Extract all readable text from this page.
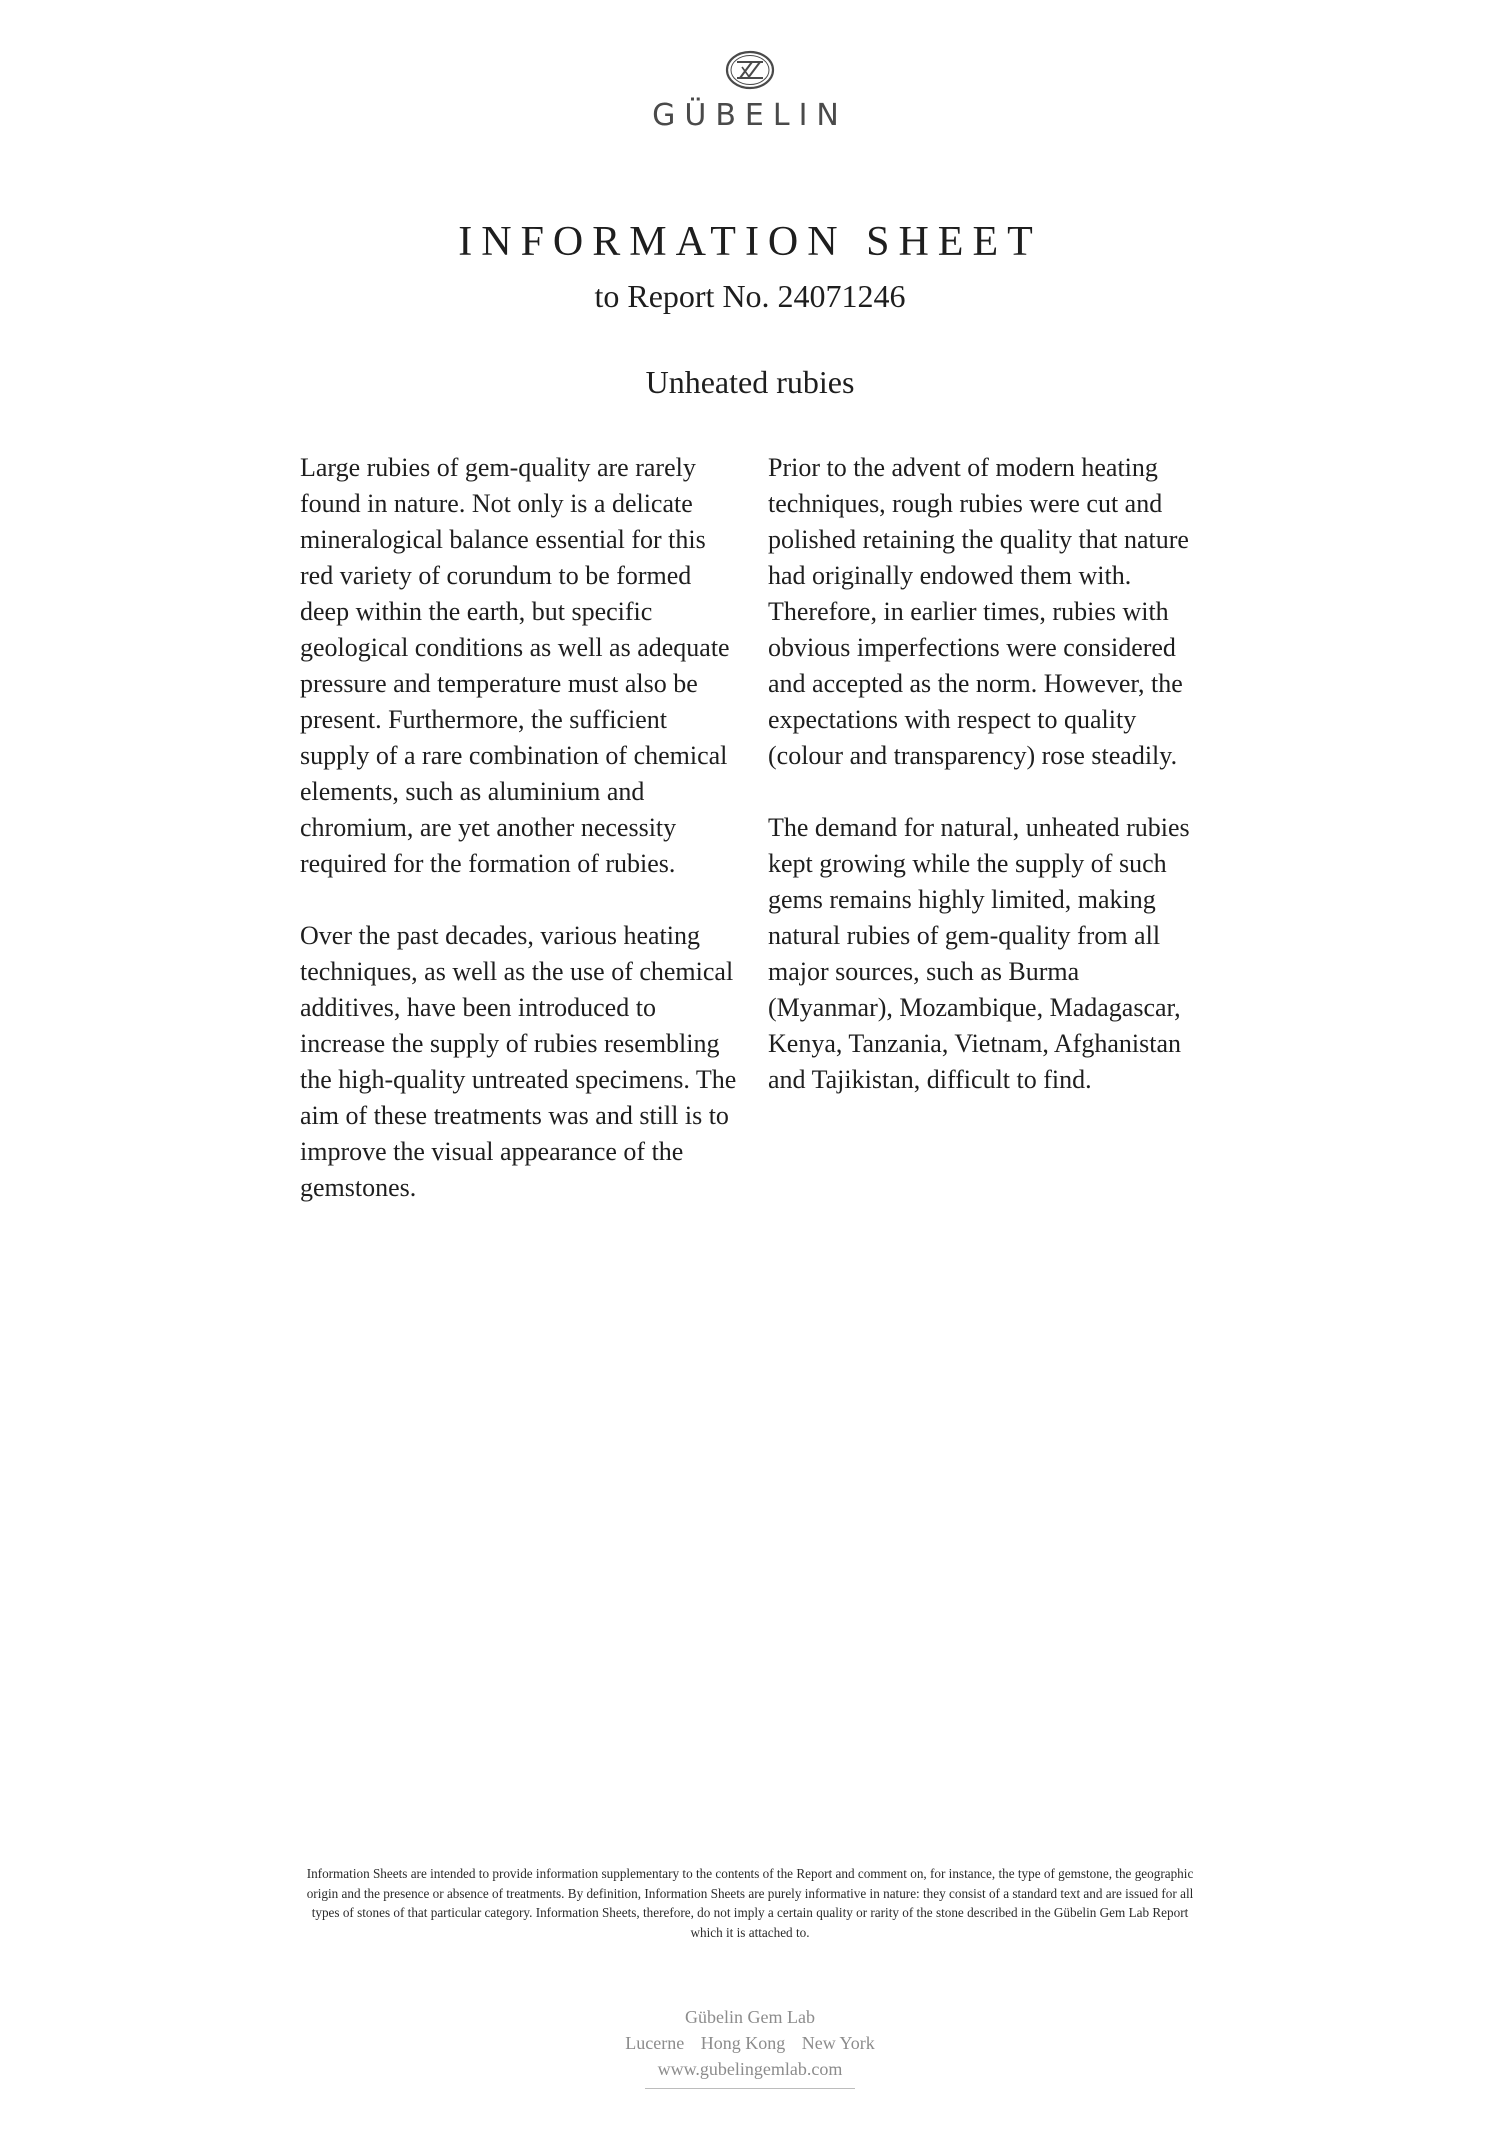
GÜBELIN
INFORMATION SHEET
to Report No. 24071246
Unheated rubies

Large rubies of gem-quality are rarely found in nature. Not only is a delicate mineralogical balance essential for this red variety of corundum to be formed deep within the earth, but specific geological conditions as well as adequate pressure and temperature must also be present. Furthermore, the sufficient supply of a rare combination of chemical elements, such as aluminium and chromium, are yet another necessity required for the formation of rubies.

Over the past decades, various heating techniques, as well as the use of chemical additives, have been introduced to increase the supply of rubies resembling the high-quality untreated specimens. The aim of these treatments was and still is to improve the visual appearance of the gemstones.

Prior to the advent of modern heating techniques, rough rubies were cut and polished retaining the quality that nature had originally endowed them with. Therefore, in earlier times, rubies with obvious imperfections were considered and accepted as the norm. However, the expectations with respect to quality (colour and transparency) rose steadily.

The demand for natural, unheated rubies kept growing while the supply of such gems remains highly limited, making natural rubies of gem-quality from all major sources, such as Burma (Myanmar), Mozambique, Madagascar, Kenya, Tanzania, Vietnam, Afghanistan and Tajikistan, difficult to find.

Information Sheets are intended to provide information supplementary to the contents of the Report and comment on, for instance, the type of gemstone, the geographic origin and the presence or absence of treatments. By definition, Information Sheets are purely informative in nature: they consist of a standard text and are issued for all types of stones of that particular category. Information Sheets, therefore, do not imply a certain quality or rarity of the stone described in the Gübelin Gem Lab Report which it is attached to.
Gübelin Gem Lab
Lucerne Hong Kong New York
www.gubelingemlab.com
